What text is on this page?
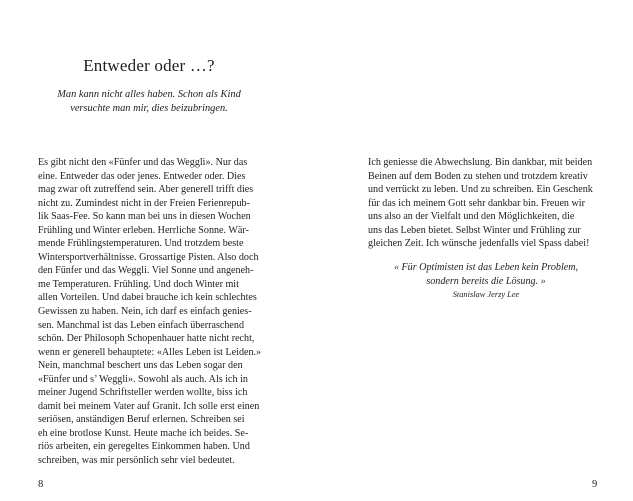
Entweder oder …?
Man kann nicht alles haben. Schon als Kind
versuchte man mir, dies beizubringen.
Es gibt nicht den «Fünfer und das Weggli». Nur das
eine. Entweder das oder jenes. Entweder oder. Dies
mag zwar oft zutreffend sein. Aber generell trifft dies
nicht zu. Zumindest nicht in der Freien Ferienrepub-
lik Saas-Fee. So kann man bei uns in diesen Wochen
Frühling und Winter erleben. Herrliche Sonne. Wär-
mende Frühlingstemperaturen. Und trotzdem beste
Wintersportverhältnisse. Grossartige Pisten. Also doch
den Fünfer und das Weggli. Viel Sonne und angeneh-
me Temperaturen. Frühling. Und doch Winter mit
allen Vorteilen. Und dabei brauche ich kein schlechtes
Gewissen zu haben. Nein, ich darf es einfach genies-
sen. Manchmal ist das Leben einfach überraschend
schön. Der Philosoph Schopenhauer hatte nicht recht,
wenn er generell behauptete: «Alles Leben ist Leiden.»
Nein, manchmal beschert uns das Leben sogar den
«Fünfer und s’ Weggli». Sowohl als auch. Als ich in
meiner Jugend Schriftsteller werden wollte, biss ich
damit bei meinem Vater auf Granit. Ich solle erst einen
seriösen, anständigen Beruf erlernen. Schreiben sei
eh eine brotlose Kunst. Heute mache ich beides. Se-
riös arbeiten, ein geregeltes Einkommen haben. Und
schreiben, was mir persönlich sehr viel bedeutet.
8
Ich geniesse die Abwechslung. Bin dankbar, mit beiden
Beinen auf dem Boden zu stehen und trotzdem kreativ
und verrückt zu leben. Und zu schreiben. Ein Geschenk
für das ich meinem Gott sehr dankbar bin. Freuen wir
uns also an der Vielfalt und den Möglichkeiten, die
uns das Leben bietet. Selbst Winter und Frühling zur
gleichen Zeit. Ich wünsche jedenfalls viel Spass dabei!
« Für Optimisten ist das Leben kein Problem,
sondern bereits die Lösung. »
Stanislaw Jerzy Lee
9
